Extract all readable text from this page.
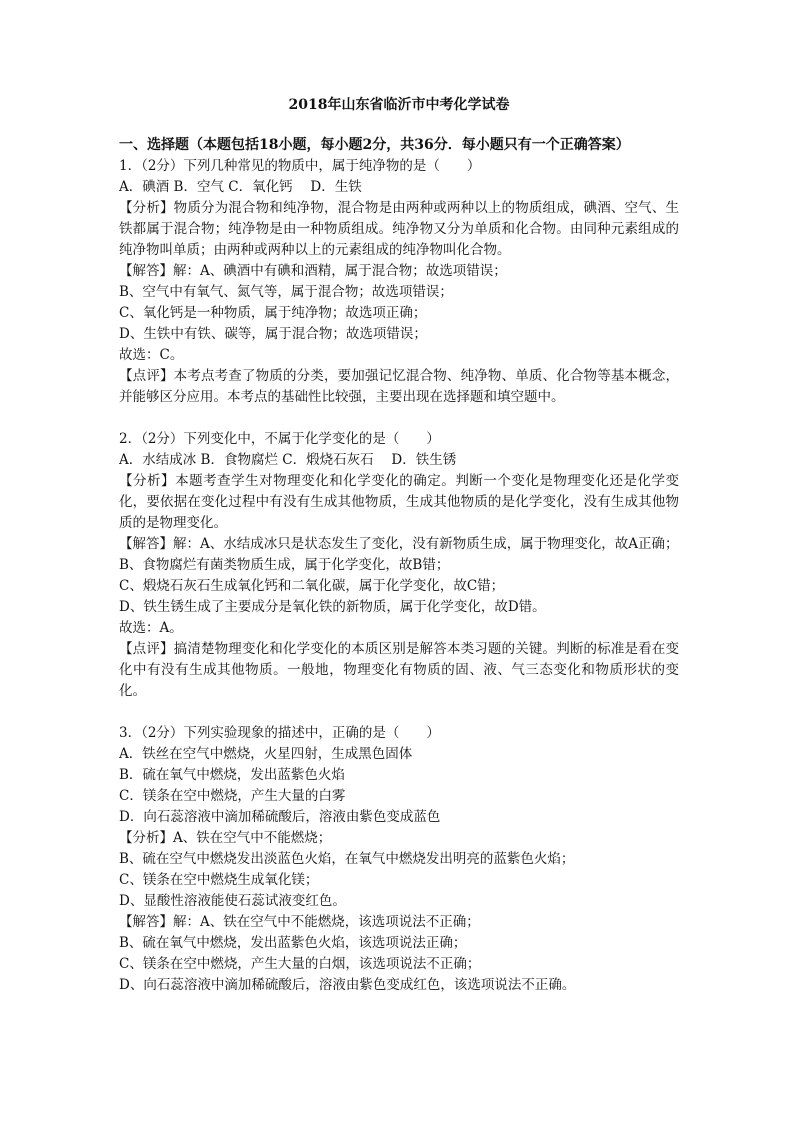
2018年山东省临沂市中考化学试卷

一、选择题（本题包括18小题，每小题2分，共36分．每小题只有一个正确答案）

1．（2分）下列几种常见的物质中，属于纯净物的是（　　）

A．碘酒 B．空气 C．氧化钙　 D．生铁

【分析】物质分为混合物和纯净物，混合物是由两种或两种以上的物质组成，碘酒、空气、生铁都属于混合物；纯净物是由一种物质组成。纯净物又分为单质和化合物。由同种元素组成的纯净物叫单质；由两种或两种以上的元素组成的纯净物叫化合物。

【解答】解：A、碘酒中有碘和酒精，属于混合物；故选项错误；

B、空气中有氧气、氮气等，属于混合物；故选项错误；

C、氧化钙是一种物质，属于纯净物；故选项正确；

D、生铁中有铁、碳等，属于混合物；故选项错误；

故选：C。

【点评】本考点考查了物质的分类，要加强记忆混合物、纯净物、单质、化合物等基本概念，并能够区分应用。本考点的基础性比较强，主要出现在选择题和填空题中。

2．（2分）下列变化中，不属于化学变化的是（　　）

A．水结成冰 B．食物腐烂 C．煅烧石灰石　 D．铁生锈

【分析】本题考查学生对物理变化和化学变化的确定。判断一个变化是物理变化还是化学变化，要依据在变化过程中有没有生成其他物质，生成其他物质的是化学变化，没有生成其他物质的是物理变化。

【解答】解：A、水结成冰只是状态发生了变化，没有新物质生成，属于物理变化，故A正确；

B、食物腐烂有菌类物质生成，属于化学变化，故B错；

C、煅烧石灰石生成氧化钙和二氧化碳，属于化学变化，故C错；

D、铁生锈生成了主要成分是氧化铁的新物质，属于化学变化，故D错。

故选：A。

【点评】搞清楚物理变化和化学变化的本质区别是解答本类习题的关键。判断的标准是看在变化中有没有生成其他物质。一般地，物理变化有物质的固、液、气三态变化和物质形状的变化。

3．（2分）下列实验现象的描述中，正确的是（　　）

A．铁丝在空气中燃烧，火星四射，生成黑色固体

B．硫在氧气中燃烧，发出蓝紫色火焰

C．镁条在空中燃烧，产生大量的白雾

D．向石蕊溶液中滴加稀硫酸后，溶液由紫色变成蓝色

【分析】A、铁在空气中不能燃烧；

B、硫在空气中燃烧发出淡蓝色火焰，在氧气中燃烧发出明亮的蓝紫色火焰；

C、镁条在空中燃烧生成氧化镁；

D、显酸性溶液能使石蕊试液变红色。

【解答】解：A、铁在空气中不能燃烧，该选项说法不正确；

B、硫在氧气中燃烧，发出蓝紫色火焰，该选项说法正确；

C、镁条在空中燃烧，产生大量的白烟，该选项说法不正确；

D、向石蕊溶液中滴加稀硫酸后，溶液由紫色变成红色，该选项说法不正确。
